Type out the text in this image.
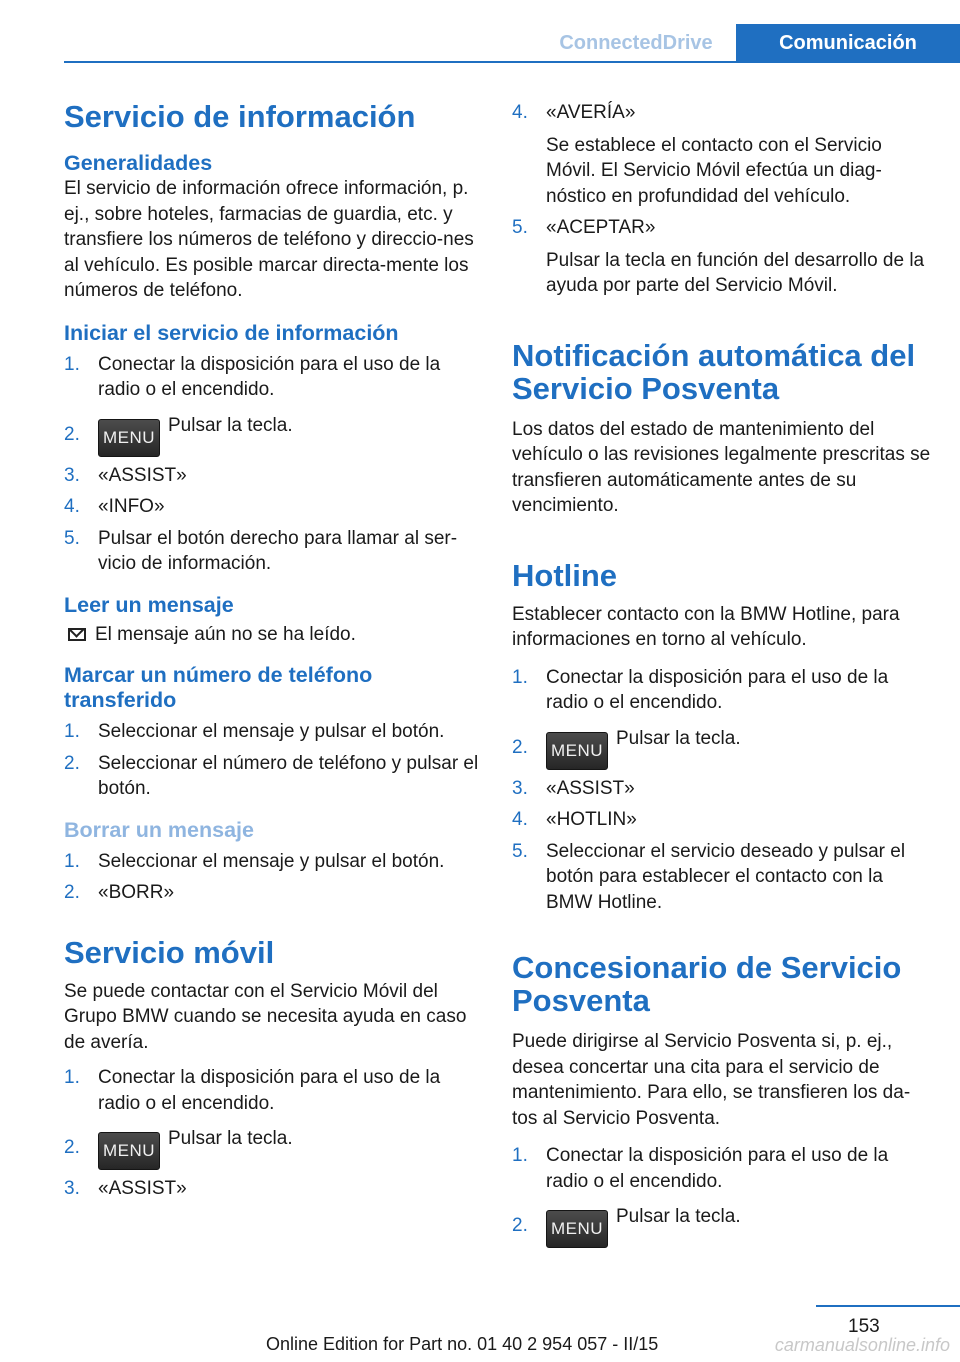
ConnectedDrive	Comunicación
Servicio de información
Generalidades

El servicio de información ofrece información, p. ej., sobre hoteles, farmacias de guardia, etc. y transfiere los números de teléfono y direccio‐nes al vehículo. Es posible marcar directa‐mente los números de teléfono.

Iniciar el servicio de información
1. Conectar la disposición para el uso de la radio o el encendido.
2. MENUPulsar la tecla.
3. «ASSIST»
4. «INFO»
5. Pulsar el botón derecho para llamar al ser‐vicio de información.
Leer un mensaje

El mensaje aún no se ha leído.

Marcar un número de teléfono transferido
1. Seleccionar el mensaje y pulsar el botón.
2. Seleccionar el número de teléfono y pulsar el botón.
Borrar un mensaje
1. Seleccionar el mensaje y pulsar el botón.
2. «BORR»
Servicio móvil

Se puede contactar con el Servicio Móvil del Grupo BMW cuando se necesita ayuda en caso de avería.

1. Conectar la disposición para el uso de la radio o el encendido.
2. MENUPulsar la tecla.
3. «ASSIST»
4. «AVERÍA»
Se establece el contacto con el Servicio Móvil. El Servicio Móvil efectúa un diag‐nóstico en profundidad del vehículo.
5. «ACEPTAR»
Pulsar la tecla en función del desarrollo de la ayuda por parte del Servicio Móvil.
Notificación automática del Servicio Posventa

Los datos del estado de mantenimiento del vehículo o las revisiones legalmente prescritas se transfieren automáticamente antes de su vencimiento.

Hotline

Establecer contacto con la BMW Hotline, para informaciones en torno al vehículo.

1. Conectar la disposición para el uso de la radio o el encendido.
2. MENUPulsar la tecla.
3. «ASSIST»
4. «HOTLIN»
5. Seleccionar el servicio deseado y pulsar el botón para establecer el contacto con la BMW Hotline.
Concesionario de Servicio Posventa

Puede dirigirse al Servicio Posventa si, p. ej., desea concertar una cita para el servicio de mantenimiento. Para ello, se transfieren los da‐tos al Servicio Posventa.

1. Conectar la disposición para el uso de la radio o el encendido.
2. MENUPulsar la tecla.
153
Online Edition for Part no. 01 40 2 954 057 - II/15	carmanualsonline.info
